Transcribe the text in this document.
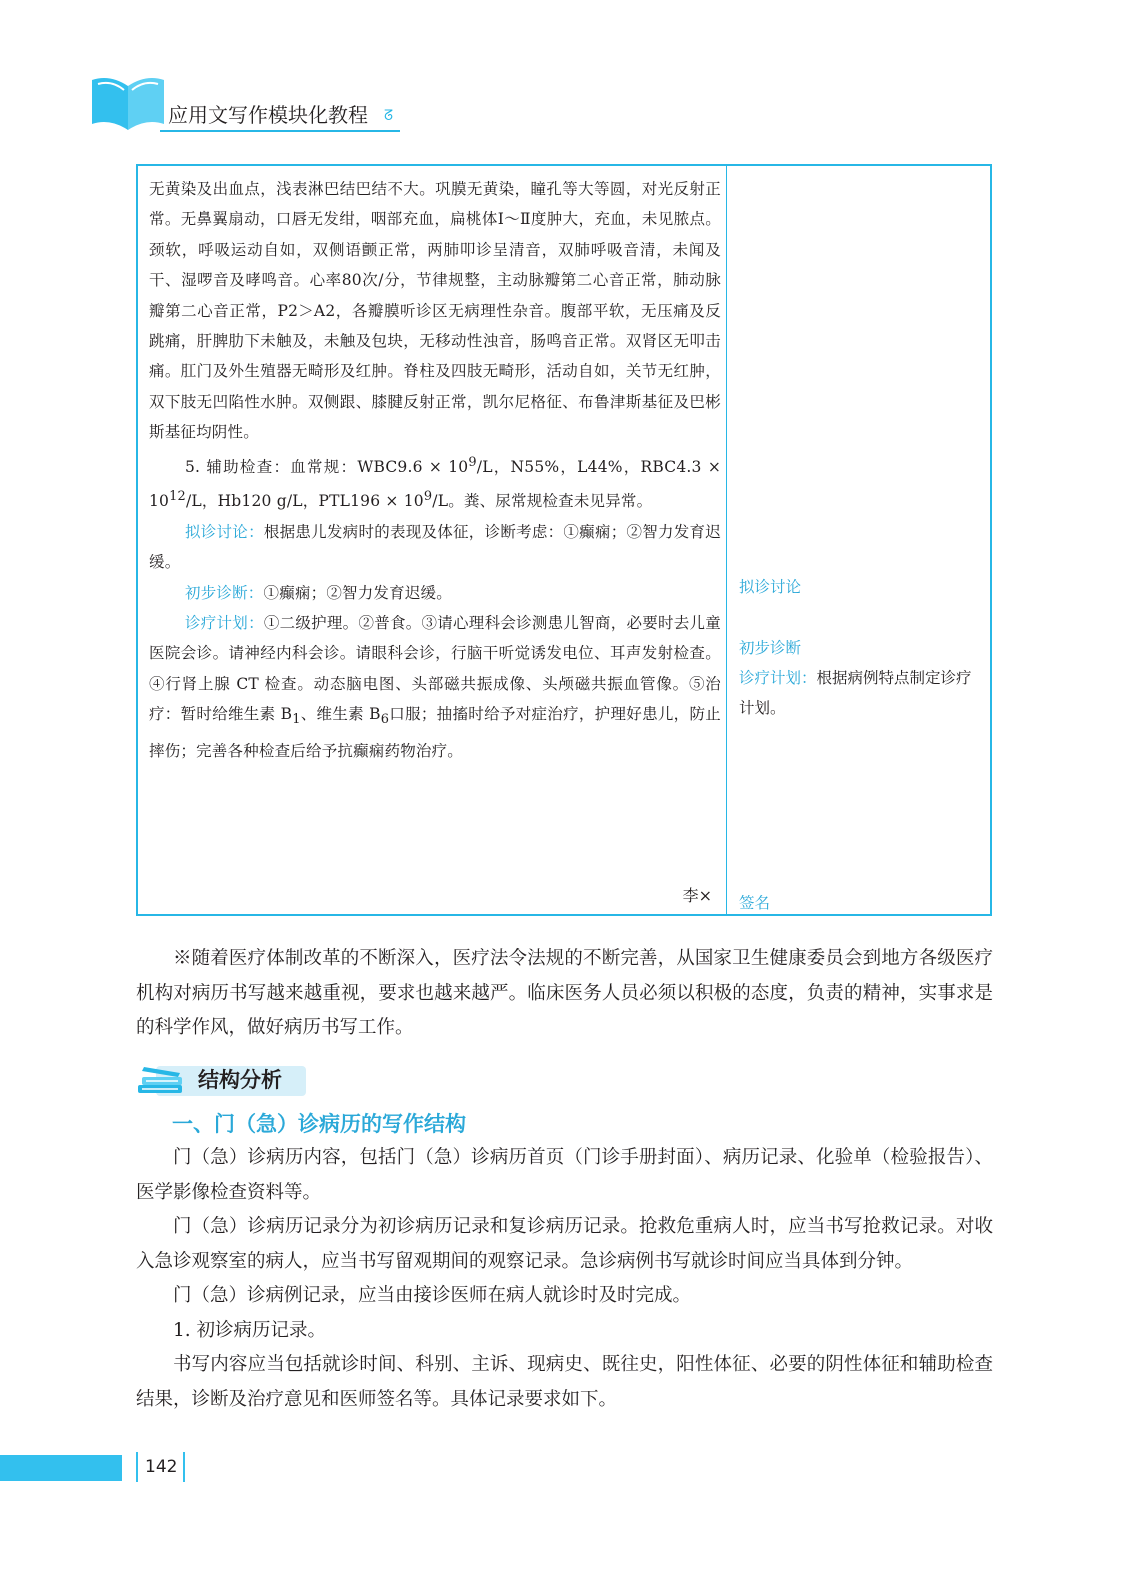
应用文写作模块化教程 ᘔ

无黄染及出血点，浅表淋巴结巴结不大。巩膜无黄染，瞳孔等大等圆，对光反射正常。无鼻翼扇动，口唇无发绀，咽部充血，扁桃体Ⅰ～Ⅱ度肿大，充血，未见脓点。颈软，呼吸运动自如，双侧语颤正常，两肺叩诊呈清音，双肺呼吸音清，未闻及干、湿啰音及哮鸣音。心率80次/分，节律规整，主动脉瓣第二心音正常，肺动脉瓣第二心音正常，P2＞A2，各瓣膜听诊区无病理性杂音。腹部平软，无压痛及反跳痛，肝脾肋下未触及，未触及包块，无移动性浊音，肠鸣音正常。双肾区无叩击痛。肛门及外生殖器无畸形及红肿。脊柱及四肢无畸形，活动自如，关节无红肿，双下肢无凹陷性水肿。双侧跟、膝腱反射正常，凯尔尼格征、布鲁津斯基征及巴彬斯基征均阴性。

5. 辅助检查：血常规：$WBC9.6 \times 10^9/L$，N55%，L44%，$RBC4.3 \times 10^{12}/L$，Hb120 g/L，$PTL196 \times 10^9/L$。粪、尿常规检查未见异常。

拟诊讨论：根据患儿发病时的表现及体征，诊断考虑：①癫痫；②智力发育迟缓。

初步诊断：①癫痫；②智力发育迟缓。

诊疗计划：①二级护理。②普食。③请心理科会诊测患儿智商，必要时去儿童医院会诊。请神经内科会诊。请眼科会诊，行脑干听觉诱发电位、耳声发射检查。④行肾上腺 CT 检查。动态脑电图、头部磁共振成像、头颅磁共振血管像。⑤治疗：暂时给维生素 $B_1$、维生素 $B_6$口服；抽搐时给予对症治疗，护理好患儿，防止摔伤；完善各种检查后给予抗癫痫药物治疗。

李×
拟诊讨论
初步诊断
诊疗计划：根据病例特点制定诊疗计划。
签名

※随着医疗体制改革的不断深入，医疗法令法规的不断完善，从国家卫生健康委员会到地方各级医疗机构对病历书写越来越重视，要求也越来越严。临床医务人员必须以积极的态度，负责的精神，实事求是的科学作风，做好病历书写工作。

结构分析
一、门（急）诊病历的写作结构

门（急）诊病历内容，包括门（急）诊病历首页（门诊手册封面）、病历记录、化验单（检验报告）、医学影像检查资料等。

门（急）诊病历记录分为初诊病历记录和复诊病历记录。抢救危重病人时，应当书写抢救记录。对收入急诊观察室的病人，应当书写留观期间的观察记录。急诊病例书写就诊时间应当具体到分钟。

门（急）诊病例记录，应当由接诊医师在病人就诊时及时完成。

1. 初诊病历记录。

书写内容应当包括就诊时间、科别、主诉、现病史、既往史，阳性体征、必要的阴性体征和辅助检查结果，诊断及治疗意见和医师签名等。具体记录要求如下。

142
